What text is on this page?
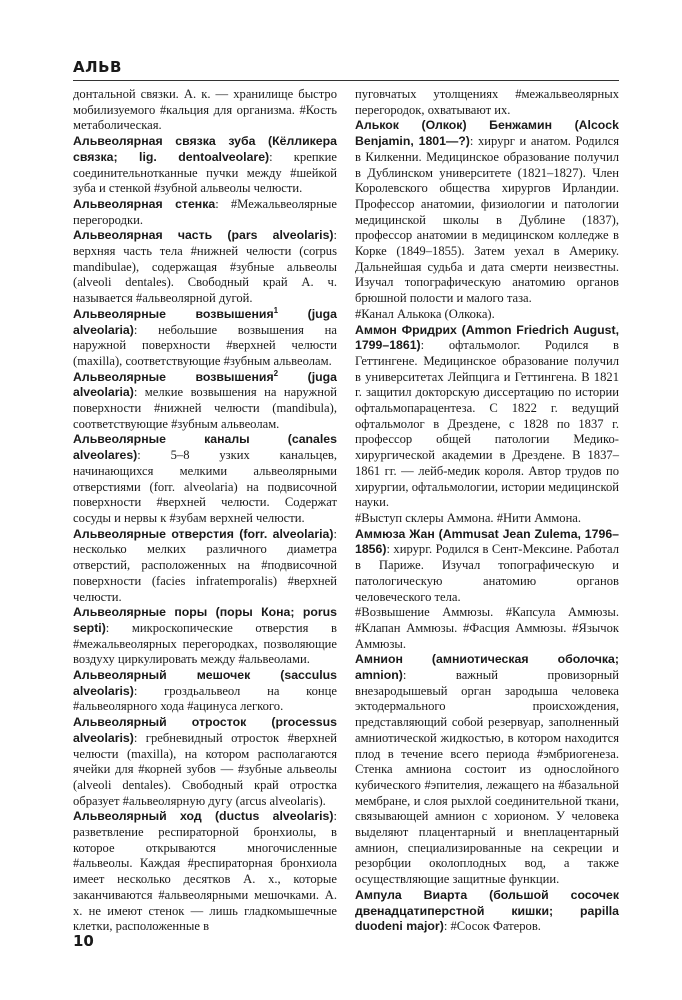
АЛЬВ

донтальной связки. А. к. — хранилище быстро мобилизуемого #кальция для организма. #Кость метаболическая.

Альвеолярная связка зуба (Кёлликера связка; lig. dentoalveolare): крепкие соединительнотканные пучки между #шейкой зуба и стенкой #зубной альвеолы челюсти.

Альвеолярная стенка: #Межальвеолярные перегородки.

Альвеолярная часть (pars alveolaris): верхняя часть тела #нижней челюсти (corpus mandibulae), содержащая #зубные альвеолы (alveoli dentales). Свободный край А. ч. называется #альвеолярной дугой.

Альвеолярные возвышения$^1$ (juga alveolaria): небольшие возвышения на наружной поверхности #верхней челюсти (maxilla), соответствующие #зубным альвеолам.

Альвеолярные возвышения$^2$ (juga alveolaria): мелкие возвышения на наружной поверхности #нижней челюсти (mandibula), соответствующие #зубным альвеолам.

Альвеолярные каналы (canales alveolares): 5–8 узких канальцев, начинающихся мелкими альвеолярными отверстиями (forr. alveolaria) на подвисочной поверхности #верхней челюсти. Содержат сосуды и нервы к #зубам верхней челюсти.

Альвеолярные отверстия (forr. alveolaria): несколько мелких различного диаметра отверстий, расположенных на #подвисочной поверхности (facies infratemporalis) #верхней челюсти.

Альвеолярные поры (поры Кона; porus septi): микроскопические отверстия в #межальвеолярных перегородках, позволяющие воздуху циркулировать между #альвеолами.

Альвеолярный мешочек (sacculus alveolaris): гроздьальвеол на конце #альвеолярного хода #ацинуса легкого.

Альвеолярный отросток (processus alveolaris): гребневидный отросток #верхней челюсти (maxilla), на котором располагаются ячейки для #корней зубов — #зубные альвеолы (alveoli dentales). Свободный край отростка образует #альвеолярную дугу (arcus alveolaris).

Альвеолярный ход (ductus alveolaris): разветвление респираторной бронхиолы, в которое открываются многочисленные #альвеолы. Каждая #респираторная бронхиола имеет несколько десятков А. х., которые заканчиваются #альвеолярными мешочками. А. х. не имеют стенок — лишь гладкомышечные клетки, расположенные в

пуговчатых утолщениях #межальвеолярных перегородок, охватывают их.

Алькок (Олкок) Бенжамин (Alcock Benjamin, 1801—?): хирург и анатом. Родился в Килкенни. Медицинское образование получил в Дублинском университете (1821–1827). Член Королевского общества хирургов Ирландии. Профессор анатомии, физиологии и патологии медицинской школы в Дублине (1837), профессор анатомии в медицинском колледже в Корке (1849–1855). Затем уехал в Америку. Дальнейшая судьба и дата смерти неизвестны. Изучал топографическую анатомию органов брюшной полости и малого таза.

#Канал Алькока (Олкока).

Аммон Фридрих (Ammon Friedrich August, 1799–1861): офтальмолог. Родился в Геттингене. Медицинское образование получил в университетах Лейпцига и Геттингена. В 1821 г. защитил докторскую диссертацию по истории офтальмопарацентеза. С 1822 г. ведущий офтальмолог в Дрездене, с 1828 по 1837 г. профессор общей патологии Медико-хирургической академии в Дрездене. В 1837–1861 гг. — лейб-медик короля. Автор трудов по хирургии, офтальмологии, истории медицинской науки.

#Выступ склеры Аммона. #Нити Аммона.

Аммюза Жан (Ammusat Jean Zulema, 1796–1856): хирург. Родился в Сент-Мексине. Работал в Париже. Изучал топографическую и патологическую анатомию органов человеческого тела.

#Возвышение Аммюзы. #Капсула Аммюзы. #Клапан Аммюзы. #Фасция Аммюзы. #Язычок Аммюзы.

Амнион (амниотическая оболочка; amnion): важный провизорный внезародышевый орган зародыша человека эктодермального происхождения, представляющий собой резервуар, заполненный амниотической жидкостью, в котором находится плод в течение всего периода #эмбриогенеза. Стенка амниона состоит из однослойного кубического #эпителия, лежащего на #базальной мембране, и слоя рыхлой соединительной ткани, связывающей амнион с хорионом. У человека выделяют плацентарный и внеплацентарный амнион, специализированные на секреции и резорбции околоплодных вод, а также осуществляющие защитные функции.

Ампула Виарта (большой сосочек двенадцатиперстной кишки; papilla duodeni major): #Сосок Фатеров.

10
